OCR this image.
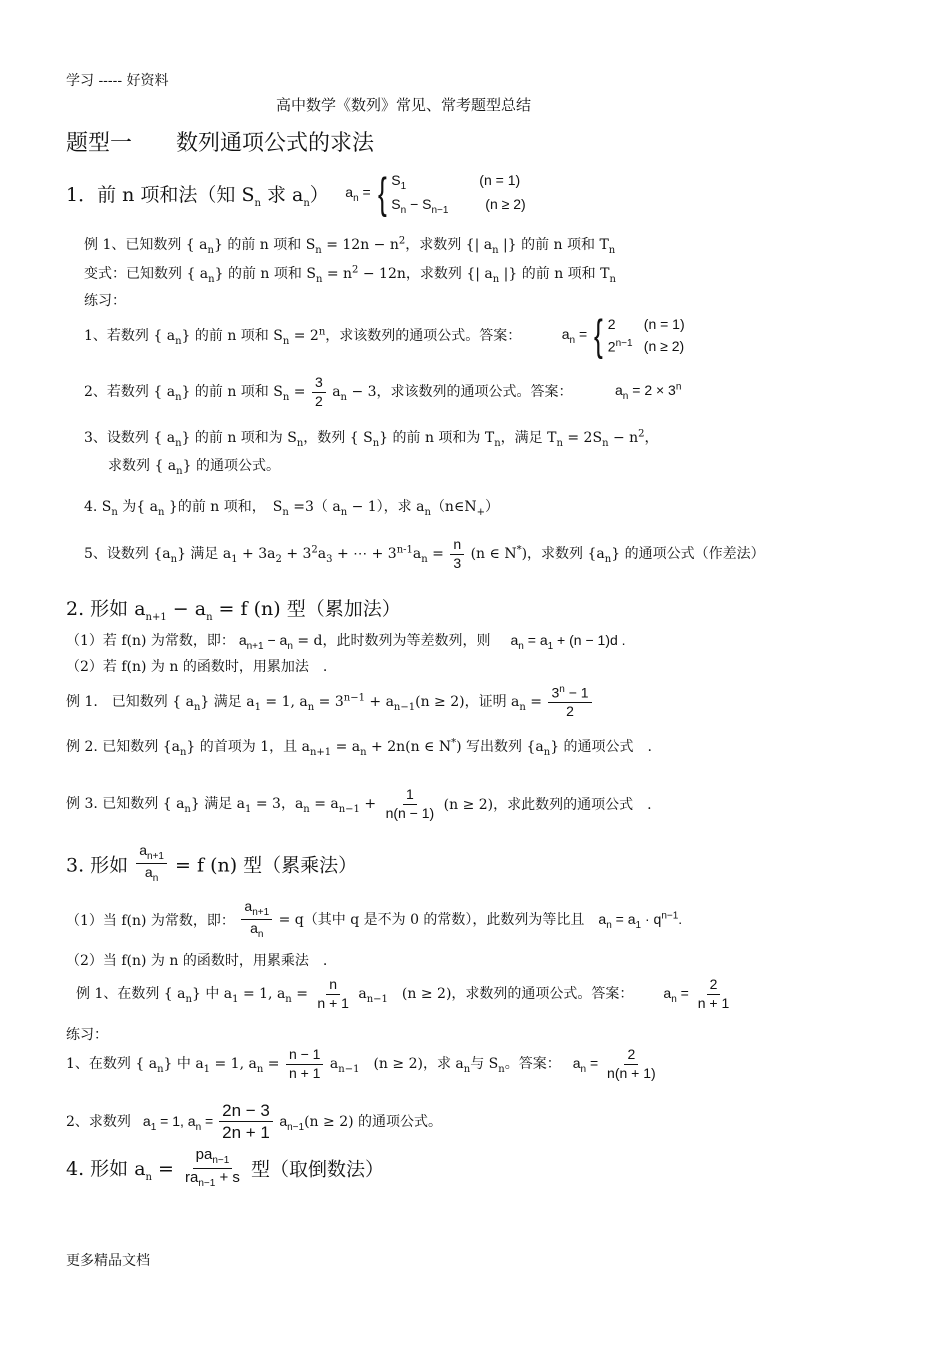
学习 ----- 好资料
高中数学《数列》常见、常考题型总结
题型一　　数列通项公式的求法
1．前 n 项和法（知 $S_n$ 求 $a_n$） $a_n$ = { $S_1$	(n = 1)
$S_n - S_{n-1}$	(n ≥ 2)
例 1、已知数列 { $a_n$} 的前 n 项和 $S_n = 12n - n^2$，求数列 {| $a_n$ |} 的前 n 项和 $T_n$
变式：已知数列 { $a_n$} 的前 n 项和 $S_n = n^2 - 12n$，求数列 {| $a_n$ |} 的前 n 项和 $T_n$
练习：
1、若数列 { $a_n$} 的前 n 项和 $S_n = 2^n$，求该数列的通项公式。答案：	$a_n$ = { 2	(n = 1)
$2^{n-1}$ (n ≥ 2)
2、若数列 { $a_n$} 的前 n 项和 $S_n = \frac{3}{2} a_n - 3$，求该数列的通项公式。答案：	$a_n = 2 \times 3^n$
3、设数列 { $a_n$} 的前 n 项和为 $S_n$，数列 { $S_n$} 的前 n 项和为 $T_n$，满足 $T_n = 2S_n - n^2$，
求数列 { $a_n$} 的通项公式。
4. $S_n$ 为{ $a_n$ }的前 n 项和，　$S_n =3$（ $a_n - 1$），求 $a_n(n\in N_+)$
5、设数列 $\{a_n\}$ 满足 $a_1 + 3a_2 + 3^2a_3$ + ⋯ + $3^{n-1}a_n = \frac{n}{3} (n$ ∈ N*)，求数列 $\{a_n\}$ 的通项公式（作差法）
2. 形如 $a_{n+1} - a_n = f$ (n) 型（累加法）
（1）若 f(n) 为常数，即： $a_{n+1} - a_n = d$，此时数列为等差数列，则 $a_n = a_1 + (n - 1)d$ .
（2）若 f(n) 为 n 的函数时，用累加法　.
例 1.　已知数列 { $a_n$} 满足 $a_1 = 1$, $a_n = 3^{n-1} + a_{n-1}(n \ge 2)$，证明 $a_n = \frac{3^n - 1}{2}$
例 2. 已知数列 $\{a_n\}$ 的首项为 1，且 $a_{n+1} = a_n + 2n(n$ ∈ N*) 写出数列 $\{a_n\}$ 的通项公式　.
例 3. 已知数列 { $a_n$} 满足 $a_1 = 3$，$a_n = a_{n-1} + \frac{1}{n(n - 1)} (n \ge 2)$，求此数列的通项公式　.
3. 形如 $\frac{a_{n+1}}{a_n} = f$ (n) 型（累乘法）
（1）当 f(n) 为常数，即： $\frac{a_{n+1}}{a_n} = q$（其中 q 是不为 0 的常数），此数列为等比且 $a_n = a_1 \cdot q^{n-1}$.
（2）当 f(n) 为 n 的函数时，用累乘法　.
例 1、在数列 { $a_n$} 中 $a_1 = 1$, $a_n = \frac{n}{n + 1} a_{n-1}$　(n ≥ 2)，求数列的通项公式。答案： $a_n = \frac{2}{n + 1}$
练习：
1、在数列 { $a_n$} 中 $a_1 = 1$, $a_n = \frac{n - 1}{n + 1} a_{n-1}$　(n ≥ 2)，求 $a_n$与 $S_n$。答案： $a_n = \frac{2}{n(n + 1)}$
2、求数列 $a_1 = 1$, $a_n = \frac{2n - 3}{2n + 1} a_{n-1}(n \ge 2)$ 的通项公式。
4. 形如 $a_n = \frac{pa_{n-1}}{ra_{n-1} + s}$ 型（取倒数法）
更多精品文档
